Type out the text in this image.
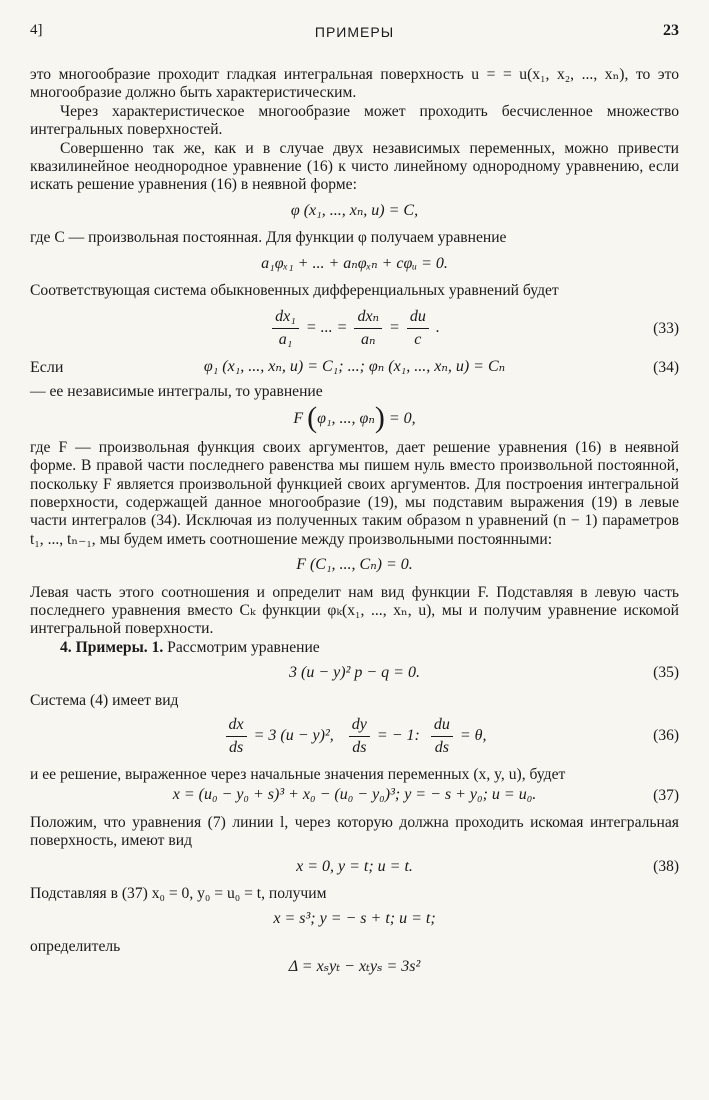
4]	ПРИМЕРЫ	23

это многообразие проходит гладкая интегральная поверхность u = = u(x₁, x₂, ..., xₙ), то это многообразие должно быть характеристическим.

Через характеристическое многообразие может проходить бесчисленное множество интегральных поверхностей.

Совершенно так же, как и в случае двух независимых переменных, можно привести квазилинейное неоднородное уравнение (16) к чисто линейному однородному уравнению, если искать решение уравнения (16) в неявной форме:

φ (x₁, ..., xₙ, u) = C,

где C — произвольная постоянная. Для функции φ получаем уравнение

a₁φₓ₁ + ... + aₙφₓₙ + cφᵤ = 0.

Соответствующая система обыкновенных дифференциальных уравнений будет

$\frac{\text{dx₁}}{\text{a₁}}$ = ... = $\frac{\text{dxₙ}}{\text{aₙ}} = \frac{du}{c}$ .	(33)
Если	φ₁ (x₁, ..., xₙ, u) = C₁; ...; φₙ (x₁, ..., xₙ, u) = Cₙ	(34)

— ее независимые интегралы, то уравнение

F (φ₁, ..., φₙ) = 0,

где F — произвольная функция своих аргументов, дает решение уравнения (16) в неявной форме. В правой части последнего равенства мы пишем нуль вместо произвольной постоянной, поскольку F является произвольной функцией своих аргументов. Для построения интегральной поверхности, содержащей данное многообразие (19), мы подставим выражения (19) в левые части интегралов (34). Исключая из полученных таким образом n уравнений (n − 1) параметров t₁, ..., tₙ₋₁, мы будем иметь соотношение между произвольными постоянными:

F (C₁, ..., Cₙ) = 0.

Левая часть этого соотношения и определит нам вид функции F. Подставляя в левую часть последнего уравнения вместо Cₖ функции φₖ(x₁, ..., xₙ, u), мы и получим уравнение искомой интегральной поверхности.

4. Примеры. 1. Рассмотрим уравнение

3 (u − y)² p − q = 0.	(35)

Система (4) имеет вид

$\frac{dx}{ds} = 3$ (u − y)², $\frac{dy}{ds}$ = − 1: $\frac{du}{ds} = \theta$,	(36)

и ее решение, выраженное через начальные значения переменных (x, y, u), будет

x = (u₀ − y₀ + s)³ + x₀ − (u₀ − y₀)³; y = − s + y₀; u = u₀.	(37)

Положим, что уравнения (7) линии l, через которую должна проходить искомая интегральная поверхность, имеют вид

x = 0, y = t; u = t.	(38)

Подставляя в (37) x₀ = 0, y₀ = u₀ = t, получим

x = s³; y = − s + t; u = t;

определитель

Δ = xₛyₜ − xₜyₛ = 3s²
